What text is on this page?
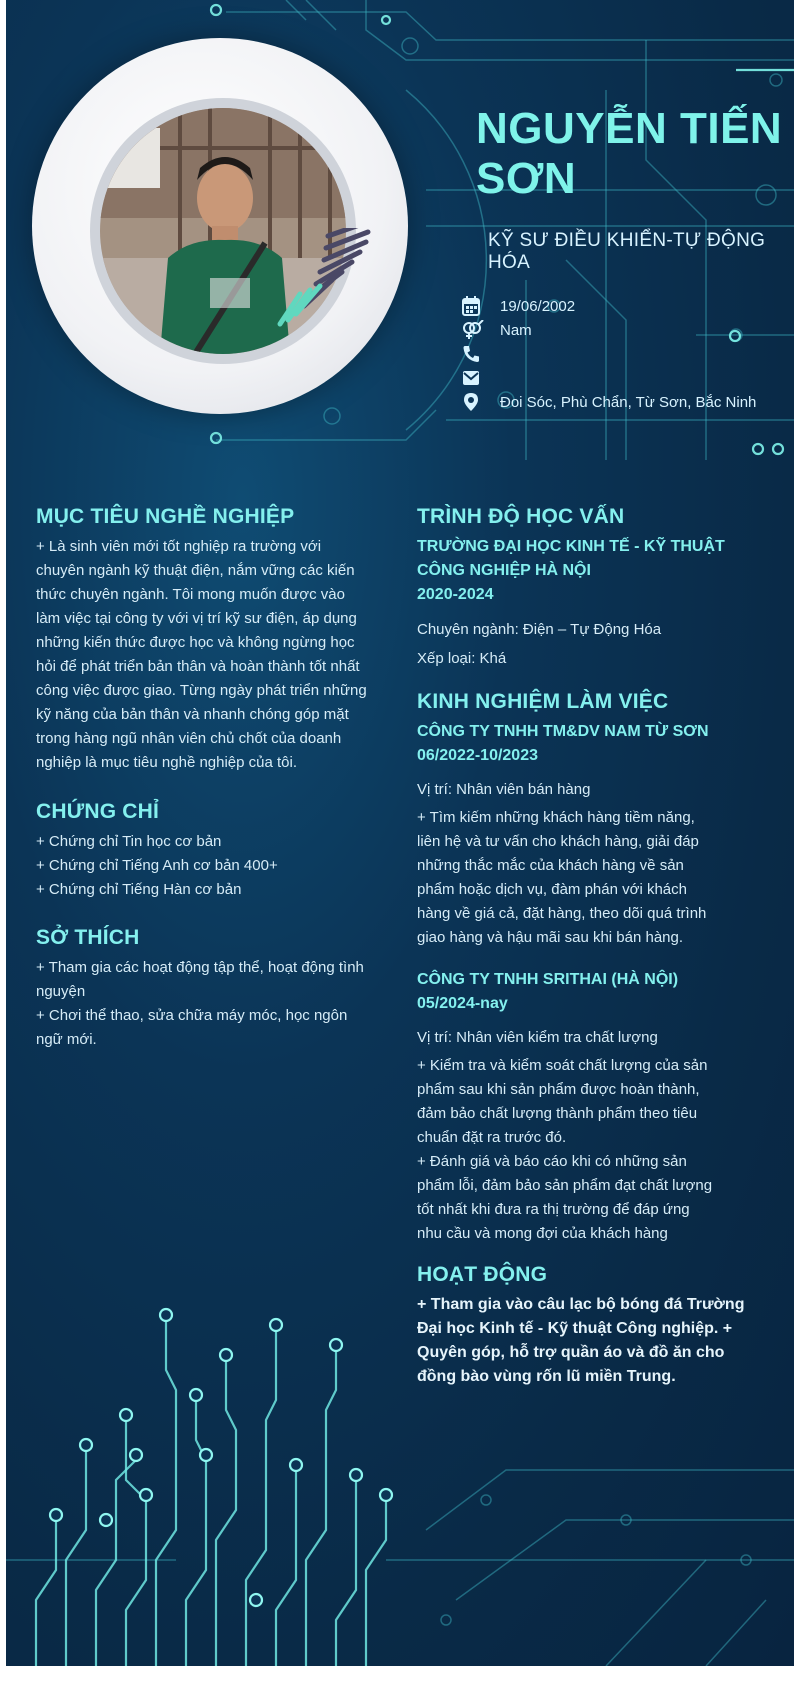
NGUYỄN TIẾN
SƠN
KỸ SƯ ĐIỀU KHIỂN-TỰ ĐỘNG HÓA
19/06/2002
Nam
Đoi Sóc, Phù Chẩn, Từ Sơn, Bắc Ninh
MỤC TIÊU NGHỀ NGHIỆP
+ Là sinh viên mới tốt nghiệp ra trường với
chuyên ngành kỹ thuật điện, nắm vững các kiến
thức chuyên ngành. Tôi mong muốn được vào
làm việc tại công ty với vị trí kỹ sư điện, áp dụng
những kiến thức được học và không ngừng học
hỏi để phát triển bản thân và hoàn thành tốt nhất
công việc được giao. Từng ngày phát triển những
kỹ năng của bản thân và nhanh chóng góp mặt
trong hàng ngũ nhân viên chủ chốt của doanh
nghiệp là mục tiêu nghề nghiệp của tôi.
CHỨNG CHỈ
+ Chứng chỉ Tin học cơ bản
+ Chứng chỉ Tiếng Anh cơ bản 400+
+ Chứng chỉ Tiếng Hàn cơ bản
SỞ THÍCH
+ Tham gia các hoạt động tập thể, hoạt động tình
nguyện
+ Chơi thể thao, sửa chữa máy móc, học ngôn
ngữ mới.
TRÌNH ĐỘ HỌC VẤN
TRƯỜNG ĐẠI HỌC KINH TẾ - KỸ THUẬT
CÔNG NGHIỆP HÀ NỘI
2020-2024
Chuyên ngành: Điện – Tự Động Hóa
Xếp loại: Khá
KINH NGHIỆM LÀM VIỆC
CÔNG TY TNHH TM&DV NAM TỪ SƠN
06/2022-10/2023
Vị trí: Nhân viên bán hàng
+ Tìm kiếm những khách hàng tiềm năng,
liên hệ và tư vấn cho khách hàng, giải đáp
những thắc mắc của khách hàng về sản
phẩm hoặc dịch vụ, đàm phán với khách
hàng về giá cả, đặt hàng, theo dõi quá trình
giao hàng và hậu mãi sau khi bán hàng.
CÔNG TY TNHH SRITHAI (HÀ NỘI)
05/2024-nay
Vị trí: Nhân viên kiểm tra chất lượng
+ Kiểm tra và kiểm soát chất lượng của sản
phẩm sau khi sản phẩm được hoàn thành,
đảm bảo chất lượng thành phẩm theo tiêu
chuẩn đặt ra trước đó.
+ Đánh giá và báo cáo khi có những sản
phẩm lỗi, đảm bảo sản phẩm đạt chất lượng
tốt nhất khi đưa ra thị trường để đáp ứng
nhu cầu và mong đợi của khách hàng
HOẠT ĐỘNG
+ Tham gia vào câu lạc bộ bóng đá Trường
Đại học Kinh tế - Kỹ thuật Công nghiệp. +
Quyên góp, hỗ trợ quần áo và đồ ăn cho
đồng bào vùng rốn lũ miền Trung.
